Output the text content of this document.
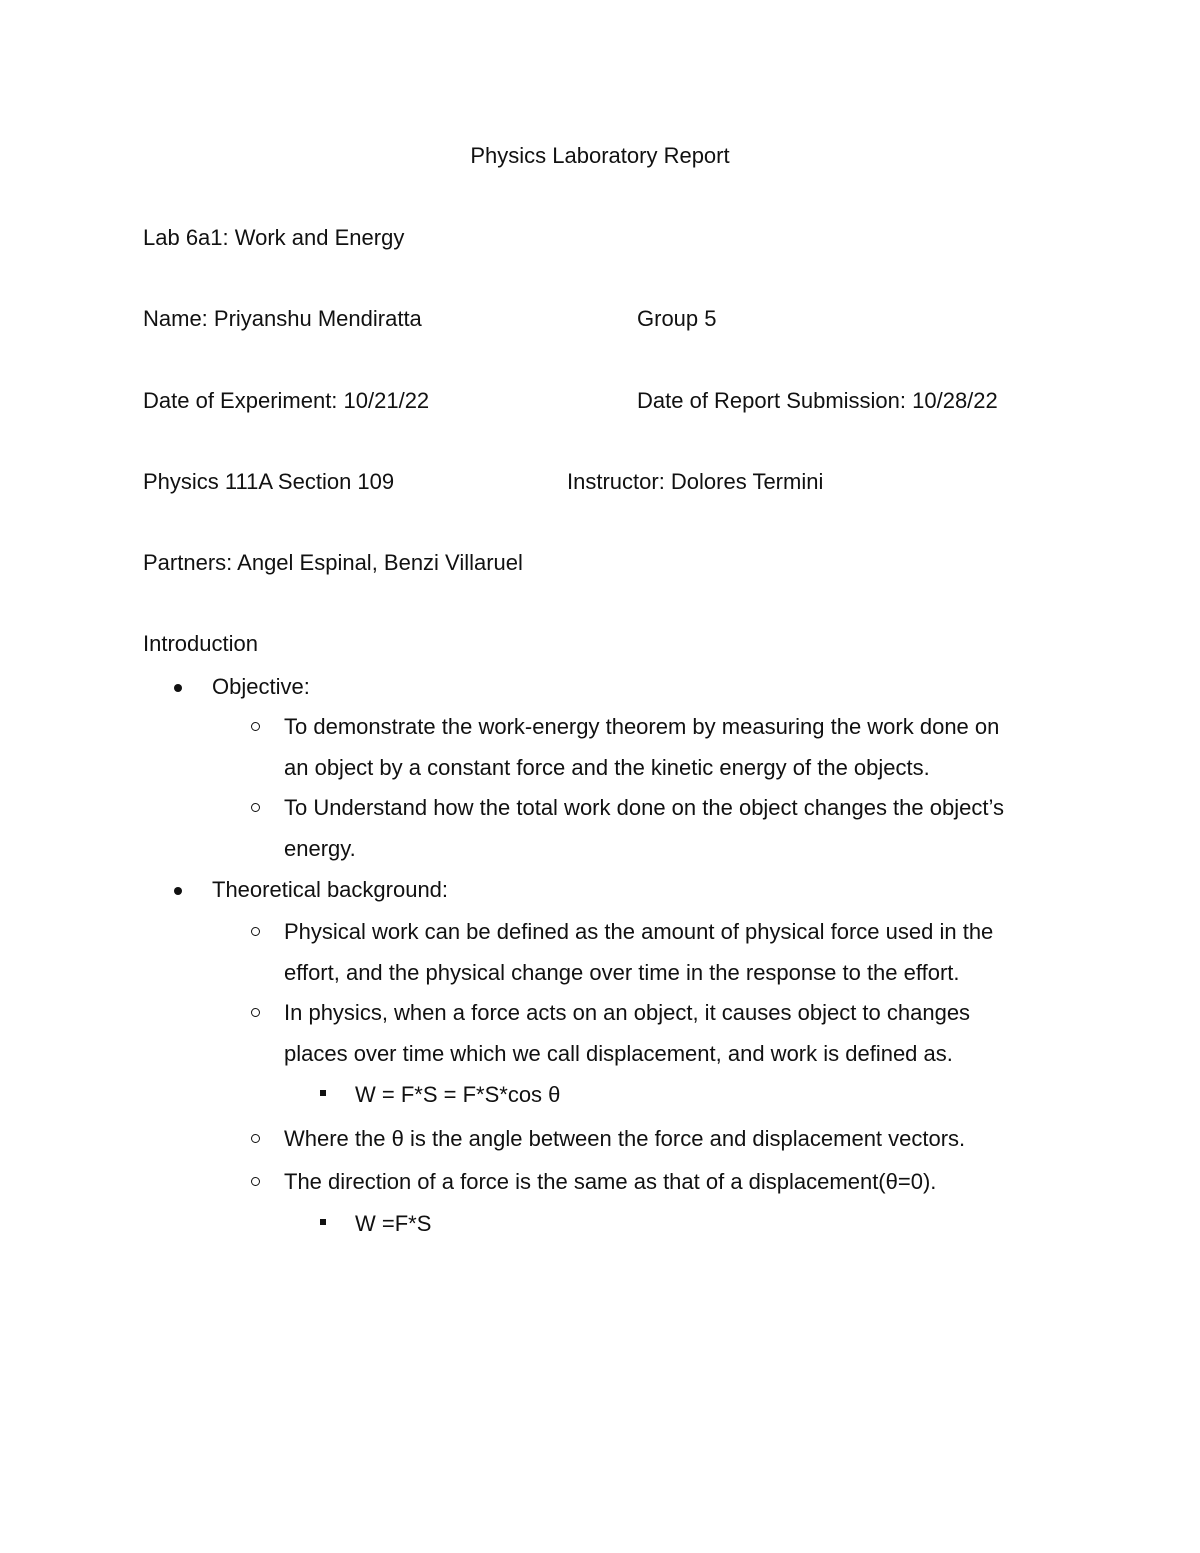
Physics Laboratory Report
Lab 6a1: Work and Energy
Name: Priyanshu Mendiratta	Group 5
Date of Experiment: 10/21/22	Date of Report Submission: 10/28/22
Physics 111A Section 109	Instructor: Dolores Termini
Partners: Angel Espinal, Benzi Villaruel
Introduction
Objective:
To demonstrate the work-energy theorem by measuring the work done on
an object by a constant force and the kinetic energy of the objects.
To Understand how the total work done on the object changes the object’s
energy.
Theoretical background:
Physical work can be defined as the amount of physical force used in the
effort, and the physical change over time in the response to the effort.
In physics, when a force acts on an object, it causes object to changes
places over time which we call displacement, and work is defined as.
W = F*S = F*S*cos θ
Where the θ is the angle between the force and displacement vectors.
The direction of a force is the same as that of a displacement(θ=0).
W =F*S
